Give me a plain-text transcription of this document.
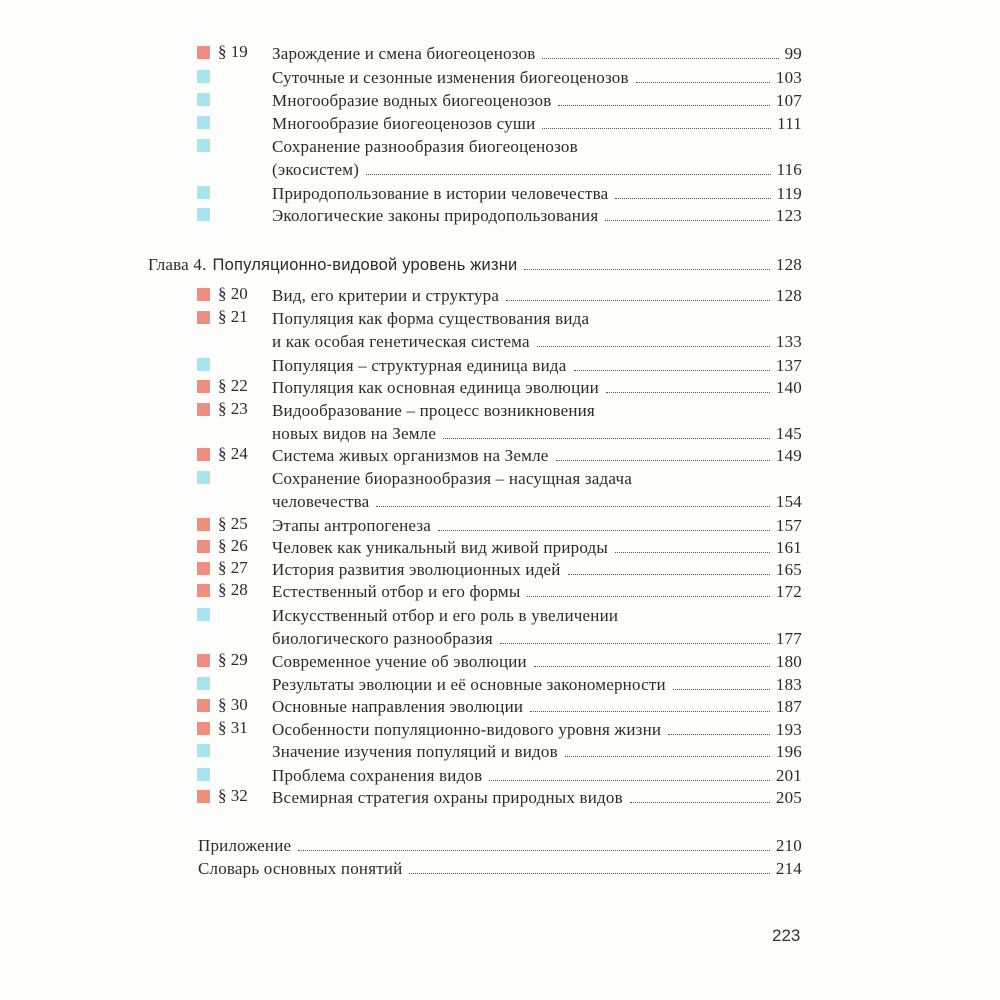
§ 19 Зарождение и смена биогеоценозов	99
Суточные и сезонные изменения биогеоценозов	103
Многообразие водных биогеоценозов	107
Многообразие биогеоценозов суши	111
Сохранение разнообразия биогеоценозов
(экосистем)	116
Природопользование в истории человечества	119
Экологические законы природопользования	123
Глава 4. Популяционно-видовой уровень жизни	128
§ 20 Вид, его критерии и структура	128
§ 21 Популяция как форма существования вида
и как особая генетическая система	133
Популяция – структурная единица вида	137
§ 22 Популяция как основная единица эволюции	140
§ 23 Видообразование – процесс возникновения
новых видов на Земле	145
§ 24 Система живых организмов на Земле	149
Сохранение биоразнообразия – насущная задача
человечества	154
§ 25 Этапы антропогенеза	157
§ 26 Человек как уникальный вид живой природы	161
§ 27 История развития эволюционных идей	165
§ 28 Естественный отбор и его формы	172
Искусственный отбор и его роль в увеличении
биологического разнообразия	177
§ 29 Современное учение об эволюции	180
Результаты эволюции и её основные закономерности	183
§ 30 Основные направления эволюции	187
§ 31 Особенности популяционно-видового уровня жизни	193
Значение изучения популяций и видов	196
Проблема сохранения видов	201
§ 32 Всемирная стратегия охраны природных видов	205
Приложение	210
Словарь основных понятий	214
223
